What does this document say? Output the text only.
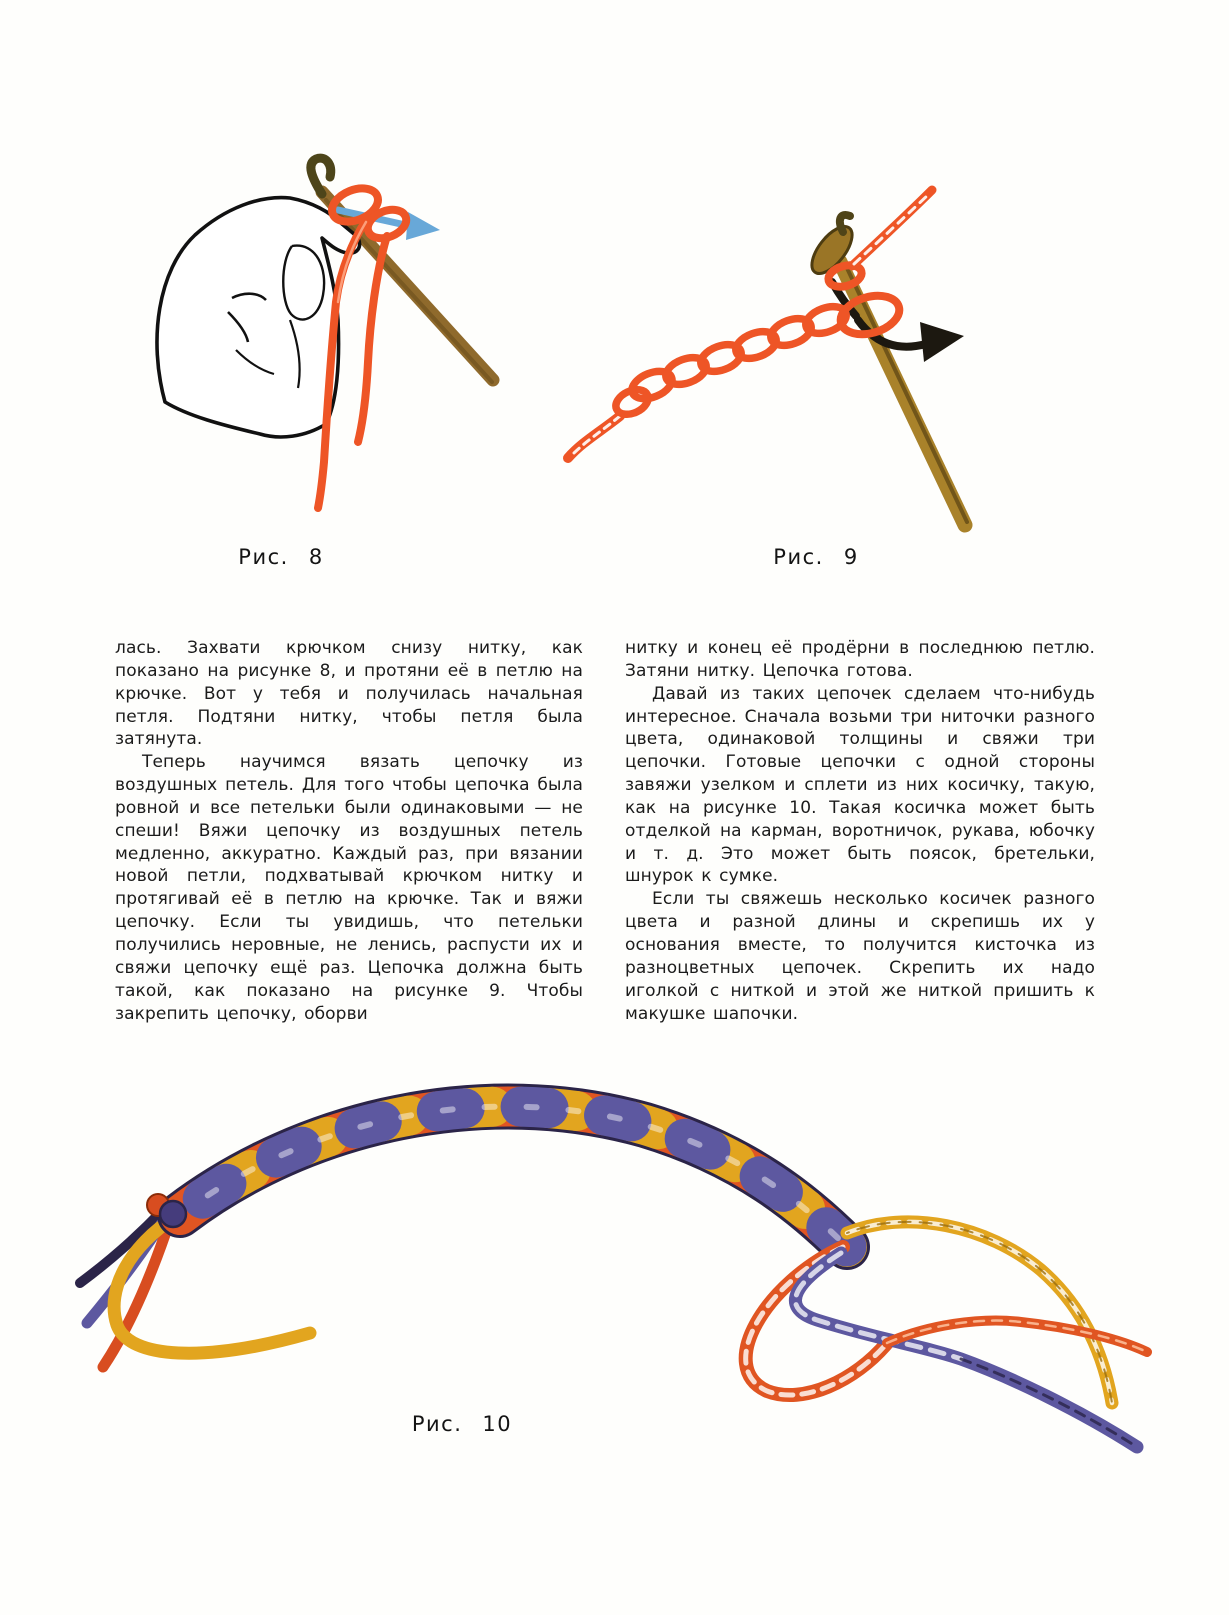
Рис. 8	Рис. 9

лась. Захвати крючком снизу нитку, как показано на рисунке 8, и протяни её в петлю на крючке. Вот у тебя и получилась начальная петля. Подтяни нитку, чтобы петля была затянута.

Теперь научимся вязать цепочку из воздушных петель. Для того чтобы цепочка была ровной и все петельки были одинаковыми — не спеши! Вяжи цепочку из воздушных петель медленно, аккуратно. Каждый раз, при вязании новой петли, подхватывай крючком нитку и протягивай её в петлю на крючке. Так и вяжи цепочку. Если ты увидишь, что петельки получились неровные, не ленись, распусти их и свяжи цепочку ещё раз. Цепочка должна быть такой, как показано на рисунке 9. Чтобы закрепить цепочку, оборви

нитку и конец её продёрни в последнюю петлю. Затяни нитку. Цепочка готова.

Давай из таких цепочек сделаем что-нибудь интересное. Сначала возьми три ниточки разного цвета, одинаковой толщины и свяжи три цепочки. Готовые цепочки с одной стороны завяжи узелком и сплети из них косичку, такую, как на рисунке 10. Такая косичка может быть отделкой на карман, воротничок, рукава, юбочку и т. д. Это может быть поясок, бретельки, шнурок к сумке.

Если ты свяжешь несколько косичек разного цвета и разной длины и скрепишь их у основания вместе, то получится кисточка из разноцветных цепочек. Скрепить их надо иголкой с ниткой и этой же ниткой пришить к макушке шапочки.

Рис. 10
